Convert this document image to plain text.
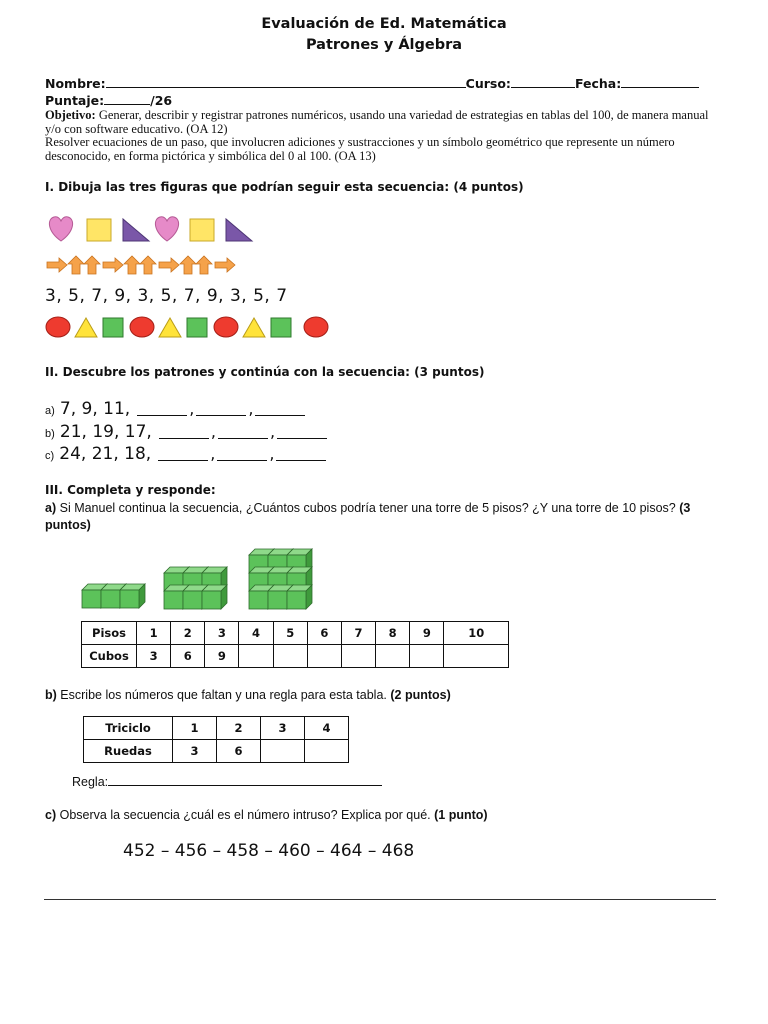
Evaluación de Ed. Matemática
Patrones y Álgebra
Nombre:	Curso:	Fecha:
Puntaje:	/26
Objetivo: Generar, describir y registrar patrones numéricos, usando una variedad de estrategias en tablas del 100, de manera manual y/o con software educativo. (OA 12)
Resolver ecuaciones de un paso, que involucren adiciones y sustracciones y un símbolo geométrico que represente un número desconocido, en forma pictórica y simbólica del 0 al 100. (OA 13)
I. Dibuja las tres figuras que podrían seguir esta secuencia: (4 puntos)
3, 5, 7, 9, 3, 5, 7, 9, 3, 5, 7
II. Descubre los patrones y continúa con la secuencia: (3 puntos)
a) 7, 9, 11,	,	,
b) 21, 19, 17,	,	,
c) 24, 21, 18,	,	,
III. Completa y responde:
a) Si Manuel continua la secuencia, ¿Cuántos cubos podría tener una torre de 5 pisos? ¿Y una torre de 10 pisos? (3 puntos)
Pisos	1	2	3	4	5	6	7	8	9	10
Cubos	3	6	9							
b) Escribe los números que faltan y una regla para esta tabla. (2 puntos)
Triciclo	1	2	3	4
Ruedas	3	6		
Regla:
c) Observa la secuencia ¿cuál es el número intruso? Explica por qué. (1 punto)
452 – 456 – 458 – 460 – 464 – 468
